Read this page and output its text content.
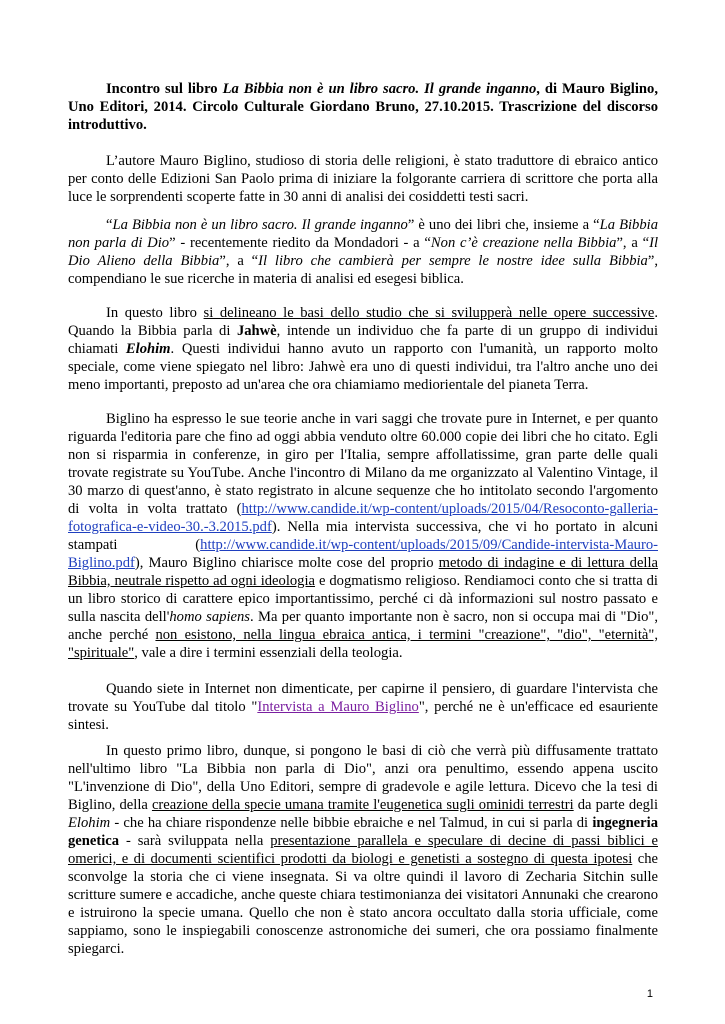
Incontro sul libro La Bibbia non è un libro sacro. Il grande inganno, di Mauro Biglino, Uno Editori, 2014. Circolo Culturale Giordano Bruno, 27.10.2015. Trascrizione del discorso introduttivo.

L’autore Mauro Biglino, studioso di storia delle religioni, è stato traduttore di ebraico antico per conto delle Edizioni San Paolo prima di iniziare la folgorante carriera di scrittore che porta alla luce le sorprendenti scoperte fatte in 30 anni di analisi dei cosiddetti testi sacri.

“La Bibbia non è un libro sacro. Il grande inganno” è uno dei libri che, insieme a “La Bibbia non parla di Dio” - recentemente riedito da Mondadori - a “Non c’è creazione nella Bibbia”, a “Il Dio Alieno della Bibbia”, a “Il libro che cambierà per sempre le nostre idee sulla Bibbia”, compendiano le sue ricerche in materia di analisi ed esegesi biblica.

In questo libro si delineano le basi dello studio che si svilupperà nelle opere successive. Quando la Bibbia parla di Jahwè, intende un individuo che fa parte di un gruppo di individui chiamati Elohim. Questi individui hanno avuto un rapporto con l'umanità, un rapporto molto speciale, come viene spiegato nel libro: Jahwè era uno di questi individui, tra l'altro anche uno dei meno importanti, preposto ad un'area che ora chiamiamo mediorientale del pianeta Terra.

Biglino ha espresso le sue teorie anche in vari saggi che trovate pure in Internet, e per quanto riguarda l'editoria pare che fino ad oggi abbia venduto oltre 60.000 copie dei libri che ho citato. Egli non si risparmia in conferenze, in giro per l'Italia, sempre affollatissime, gran parte delle quali trovate registrate su YouTube. Anche l'incontro di Milano da me organizzato al Valentino Vintage, il 30 marzo di quest'anno, è stato registrato in alcune sequenze che ho intitolato secondo l'argomento di volta in volta trattato (http://www.candide.it/wp-content/uploads/2015/04/Resoconto-galleria-fotografica-e-video-30.-3.2015.pdf). Nella mia intervista successiva, che vi ho portato in alcuni stampati (http://www.candide.it/wp-content/uploads/2015/09/Candide-intervista-Mauro-Biglino.pdf), Mauro Biglino chiarisce molte cose del proprio metodo di indagine e di lettura della Bibbia, neutrale rispetto ad ogni ideologia e dogmatismo religioso. Rendiamoci conto che si tratta di un libro storico di carattere epico importantissimo, perché ci dà informazioni sul nostro passato e sulla nascita dell'homo sapiens. Ma per quanto importante non è sacro, non si occupa mai di "Dio", anche perché non esistono, nella lingua ebraica antica, i termini "creazione", "dio", "eternità", "spirituale", vale a dire i termini essenziali della teologia.

Quando siete in Internet non dimenticate, per capirne il pensiero, di guardare l'intervista che trovate su YouTube dal titolo "Intervista a Mauro Biglino", perché ne è un'efficace ed esauriente sintesi.

In questo primo libro, dunque, si pongono le basi di ciò che verrà più diffusamente trattato nell'ultimo libro "La Bibbia non parla di Dio", anzi ora penultimo, essendo appena uscito "L'invenzione di Dio", della Uno Editori, sempre di gradevole e agile lettura. Dicevo che la tesi di Biglino, della creazione della specie umana tramite l'eugenetica sugli ominidi terrestri da parte degli Elohim - che ha chiare rispondenze nelle bibbie ebraiche e nel Talmud, in cui si parla di ingegneria genetica - sarà sviluppata nella presentazione parallela e speculare di decine di passi biblici e omerici, e di documenti scientifici prodotti da biologi e genetisti a sostegno di questa ipotesi che sconvolge la storia che ci viene insegnata. Si va oltre quindi il lavoro di Zecharia Sitchin sulle scritture sumere e accadiche, anche queste chiara testimonianza dei visitatori Annunaki che crearono e istruirono la specie umana. Quello che non è stato ancora occultato dalla storia ufficiale, come sappiamo, sono le inspiegabili conoscenze astronomiche dei sumeri, che ora possiamo finalmente spiegarci.

1
